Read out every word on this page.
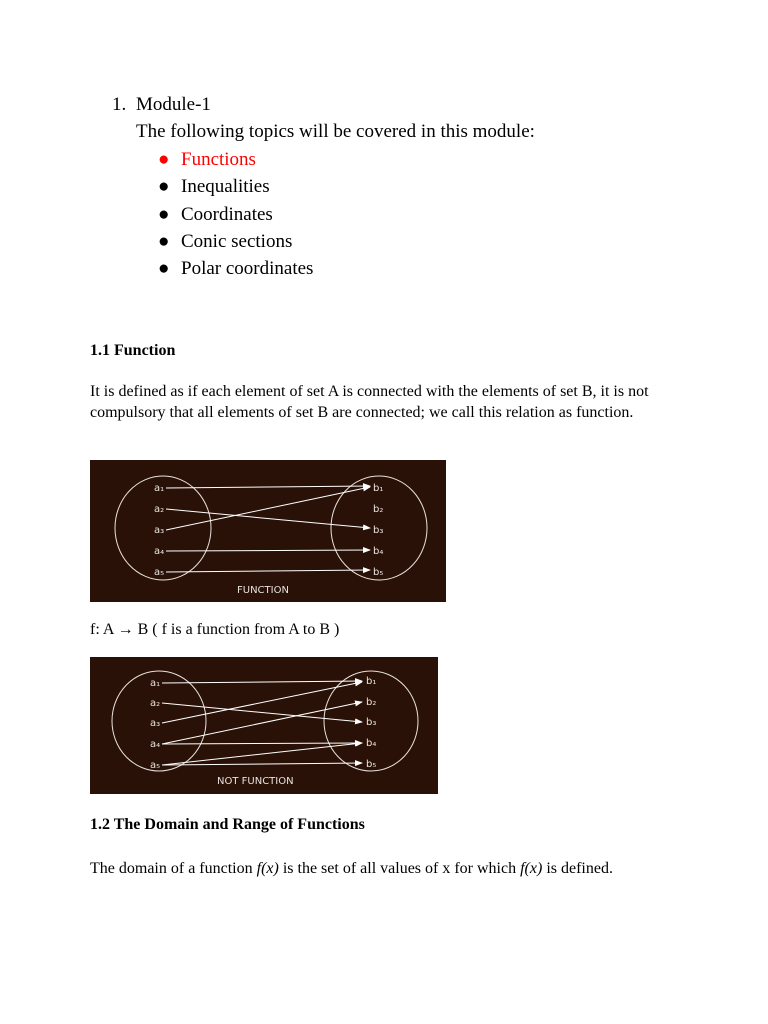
1. Module-1
The following topics will be covered in this module:
● Functions
● Inequalities
● Coordinates
● Conic sections
● Polar coordinates
1.1 Function
It is defined as if each element of set A is connected with the elements of set B, it is not compulsory that all elements of set B are connected; we call this relation as function.
a₁
a₂
a₃
a₄
a₅
b₁
b₂
b₃
b₄
b₅
FUNCTION
f: A → B ( f is a function from A to B )
a₁
a₂
a₃
a₄
a₅
b₁
b₂
b₃
b₄
b₅
NOT FUNCTION
1.2 The Domain and Range of Functions
The domain of a function f(x) is the set of all values of x for which f(x) is defined.
